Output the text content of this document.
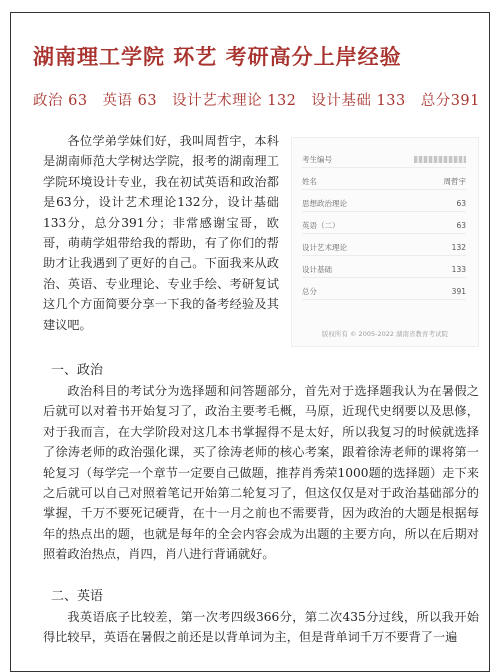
湖南理工学院 环艺 考研高分上岸经验
政治 63　英语 63　设计艺术理论 132　设计基础 133　总分391
各位学弟学妹们好，我叫周哲宇，本科是湖南师范大学树达学院，报考的湖南理工学院环境设计专业，我在初试英语和政治都是63分，设计艺术理论132分，设计基础133分，总分391分；非常感谢宝哥，欧哥，萌萌学姐带给我的帮助，有了你们的帮助才让我遇到了更好的自己。下面我来从政治、英语、专业理论、专业手绘、考研复试这几个方面简要分享一下我的备考经验及其建议吧。
考生编号
姓名	周哲宇
思想政治理论	63
英语（二）	63
设计艺术理论	132
设计基础	133
总分	391
版权所有 © 2005-2022 湖南省教育考试院
一、政治
政治科目的考试分为选择题和问答题部分，首先对于选择题我认为在暑假之后就可以对着书开始复习了，政治主要考毛概，马原，近现代史纲要以及思修，对于我而言，在大学阶段对这几本书掌握得不是太好，所以我复习的时候就选择了徐涛老师的政治强化课，买了徐涛老师的核心考案，跟着徐涛老师的课将第一轮复习（每学完一个章节一定要自己做题，推荐肖秀荣1000题的选择题）走下来之后就可以自己对照着笔记开始第二轮复习了，但这仅仅是对于政治基础部分的掌握，千万不要死记硬背，在十一月之前也不需要背，因为政治的大题是根据每年的热点出的题，也就是每年的全会内容会成为出题的主要方向，所以在后期对照着政治热点，肖四，肖八进行背诵就好。
二、英语
我英语底子比较差，第一次考四级366分，第二次435分过线，所以我开始得比较早，英语在暑假之前还是以背单词为主，但是背单词千万不要背了一遍
